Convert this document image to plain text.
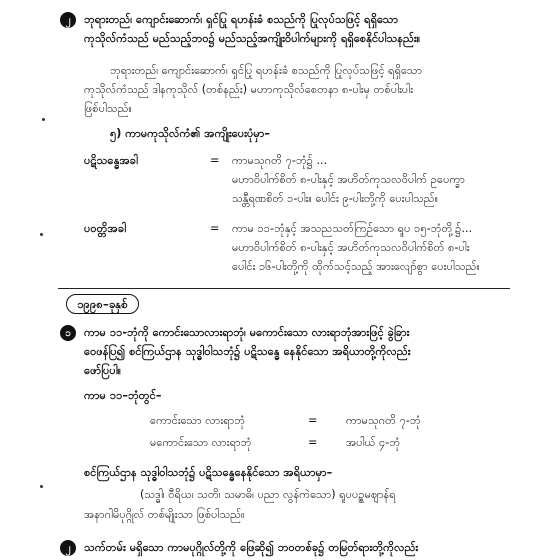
၂	ဘုရားတည်၊ ကျောင်းဆောက်၊ ရှင်ပြု ရဟန်းခံ စသည်ကို ပြုလုပ်သဖြင့် ရရှိသော
ကုသိုလ်ကံသည် မည်သည့်ဘဝ၌ မည်သည့်အကျိုးဝိပါက်များကို ရရှိစေနိုင်ပါသနည်း။
ဘုရားတည်၊ ကျောင်းဆောက်၊ ရှင်ပြု ရဟန်းခံ စသည်ကို ပြုလုပ်သဖြင့် ရရှိသော
ကုသိုလ်ကံသည် ဒါနကုသိုလ် (တစ်နည်း) မဟာကုသိုလ်စေတနာ ၈-ပါးမှ တစ်ပါးပါး
ဖြစ်ပါသည်။
၅) ကာမကုသိုလ်ကံ၏ အကျိုးပေးပုံမှာ–
ပဋိသန္ဓေအခါ	= ကာမသုဂတိ ၇-ဘုံ၌ ...
မဟာဝိပါက်စိတ် ၈-ပါးနှင့် အဟိတ်ကုသလဝိပါက် ဥပေက္ခာ
သန္တီရဏစိတ် ၁-ပါး။ ပေါင်း ၉-ပါးတို့ကို ပေးပါသည်။
ပဝတ္တိအခါ	= ကာမ ၁၁-ဘုံနှင့် အသညသတ်ကြဉ်သော ရူပ ၁၅-ဘုံတို့၌...
မဟာဝိပါက်စိတ် ၈-ပါးနှင့် အဟိတ်ကုသလဝိပါက်စိတ် ၈-ပါး
ပေါင်း ၁၆-ပါးတို့ကို ထိုက်သင့်သည့် အားလျော်စွာ ပေးပါသည်။
၁၉၉၈–ခုနှစ်
၁	ကာမ ၁၁-ဘုံကို ကောင်းသောလားရာဘုံ၊ မကောင်းသော လားရာဘုံအားဖြင့် ခွဲခြား
ဝေဖန်ပြ၍ စင်ကြယ်ဌာန သုဒ္ဓါဝါသဘုံ၌ ပဋိသန္ဓေ နေနိုင်သော အရိယာတို့ကိုလည်း
ဖော်ပြပါ။
ကာမ ၁၁–ဘုံတွင်–
ကောင်းသော လားရာဘုံ	=	ကာမသုဂတိ ၇-ဘုံ
မကောင်းသော လားရာဘုံ	=	အပါယ် ၄-ဘုံ
စင်ကြယ်ဌာန သုဒ္ဓါဝါသဘုံ၌ ပဋိသန္ဓေနေနိုင်သော အရိယာမှာ–
(သဒ္ဓါ၊ ဝီရိယ၊ သတိ၊ သမာဓိ၊ ပညာ လွန်ကဲသော) ရူပပဥ္စမဈာန်ရ
အနာဂါမိပုဂ္ဂိုလ် တစ်မျိုးသာ ဖြစ်ပါသည်။
၂	သက်တမ်း မရှိသော ကာမပုဂ္ဂိုလ်တို့ကို ဖြေဆို၍ ဘဝတစ်ခု၌ တမြတ်ရားတို့ကိုလည်း
